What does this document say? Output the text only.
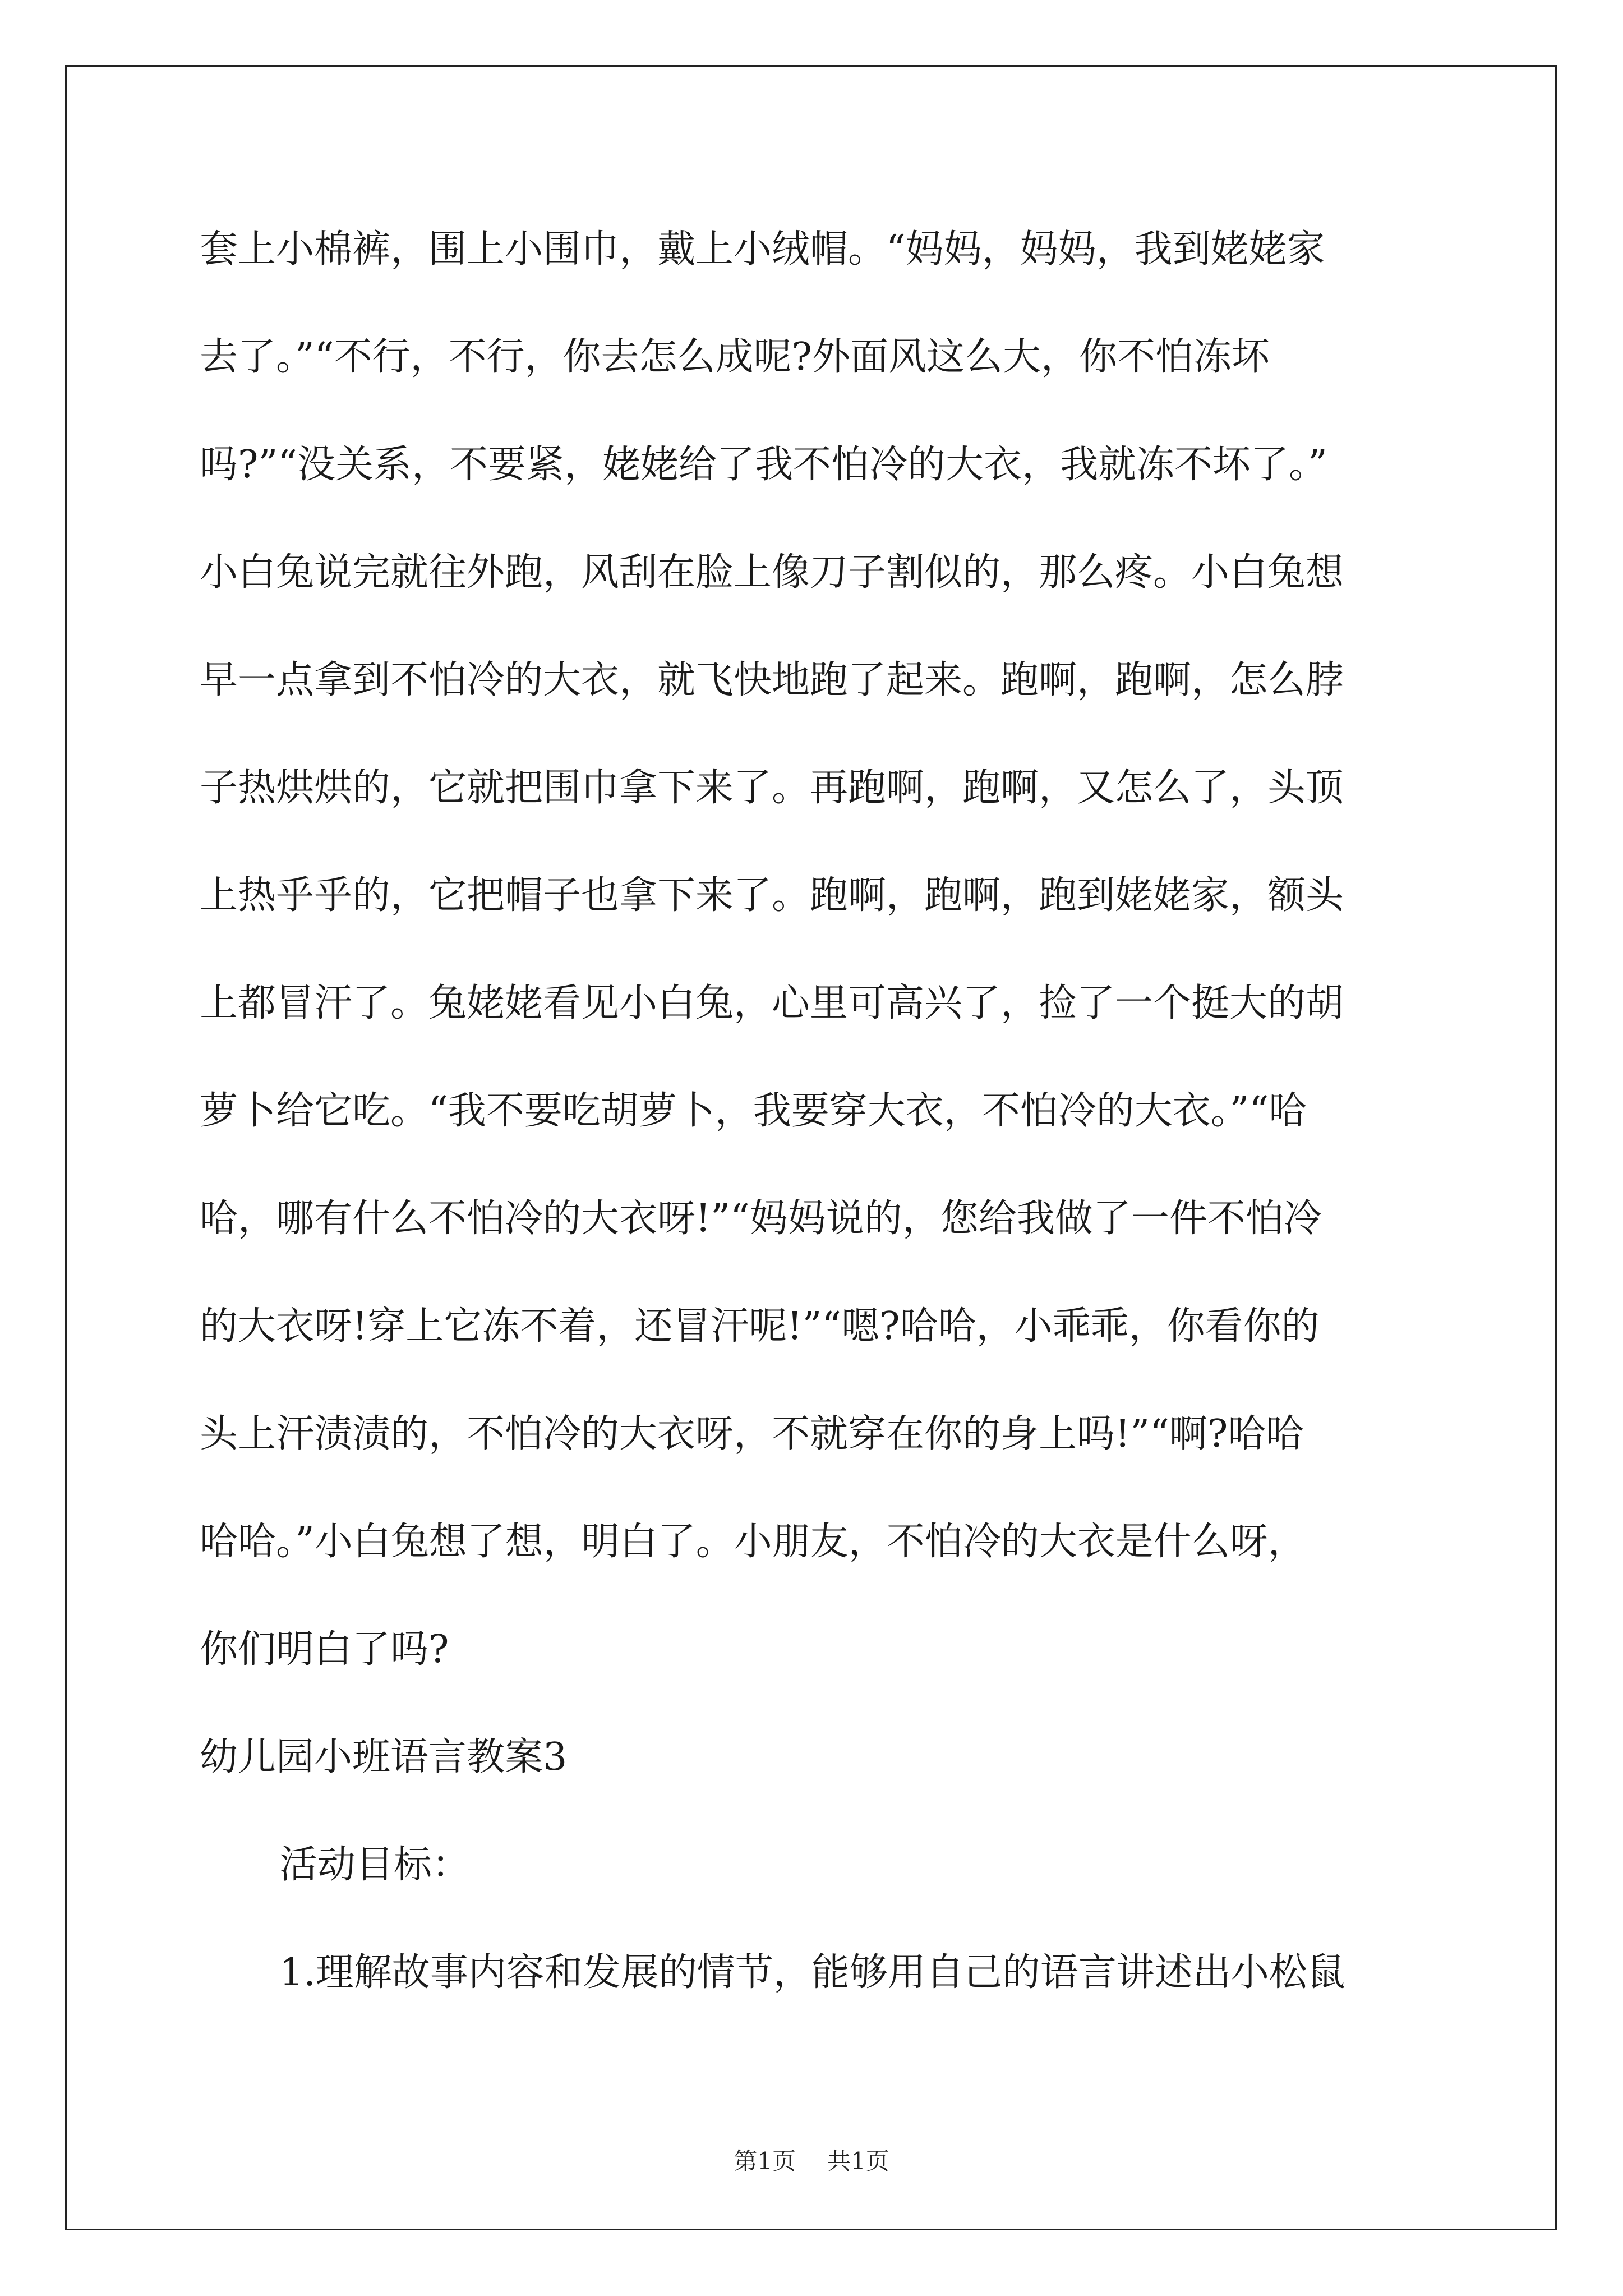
套上小棉裤，围上小围巾，戴上小绒帽。“妈妈，妈妈，我到姥姥家
去了。”“不行，不行，你去怎么成呢?外面风这么大，你不怕冻坏
吗?”“没关系，不要紧，姥姥给了我不怕冷的大衣，我就冻不坏了。”
小白兔说完就往外跑，风刮在脸上像刀子割似的，那么疼。小白兔想
早一点拿到不怕冷的大衣，就飞快地跑了起来。跑啊，跑啊，怎么脖
子热烘烘的，它就把围巾拿下来了。再跑啊，跑啊，又怎么了，头顶
上热乎乎的，它把帽子也拿下来了。跑啊，跑啊，跑到姥姥家，额头
上都冒汗了。兔姥姥看见小白兔，心里可高兴了，捡了一个挺大的胡
萝卜给它吃。“我不要吃胡萝卜，我要穿大衣，不怕冷的大衣。”“哈
哈，哪有什么不怕冷的大衣呀!”“妈妈说的，您给我做了一件不怕冷
的大衣呀!穿上它冻不着，还冒汗呢!”“嗯?哈哈，小乖乖，你看你的
头上汗渍渍的，不怕冷的大衣呀，不就穿在你的身上吗!”“啊?哈哈
哈哈。”小白兔想了想，明白了。小朋友，不怕冷的大衣是什么呀，
你们明白了吗?
幼儿园小班语言教案3
活动目标：
1.理解故事内容和发展的情节，能够用自己的语言讲述出小松鼠
第1页 共1页
